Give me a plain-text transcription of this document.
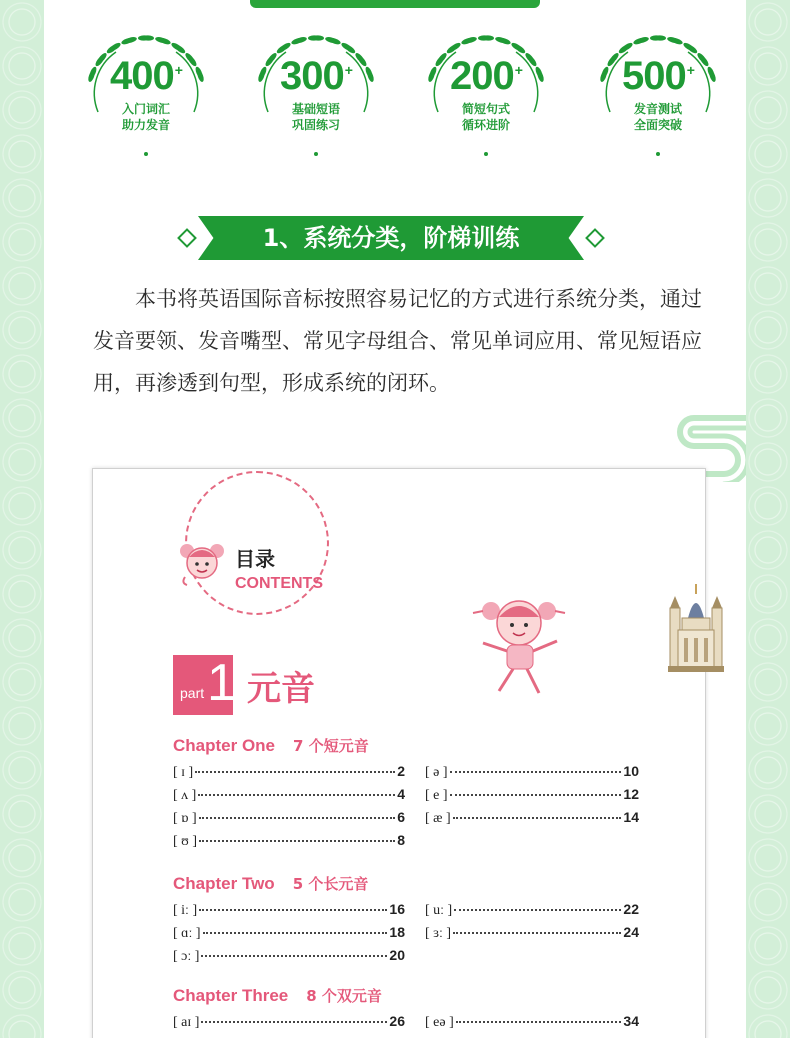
400+
入门词汇
助力发音
300+
基础短语
巩固练习
200+
简短句式
循环进阶
500+
发音测试
全面突破
1、系统分类，阶梯训练
本书将英语国际音标按照容易记忆的方式进行系统分类，通过发音要领、发音嘴型、常见字母组合、常见单词应用、常见短语应用，再渗透到句型，形成系统的闭环。
目录
CONTENTS
part 1 元音
Chapter One 7 个短元音
[ ɪ ]	2 [ ə ]	10
[ ʌ ]	4 [ e ]	12
[ ɒ ]	6 [ æ ]	14
[ ʊ ]	8
Chapter Two 5 个长元音
[ iː ]	16 [ uː ]	22
[ ɑː ]	18 [ ɜː ]	24
[ ɔː ]	20
Chapter Three 8 个双元音
[ aɪ ]	26 [ eə ]	34
